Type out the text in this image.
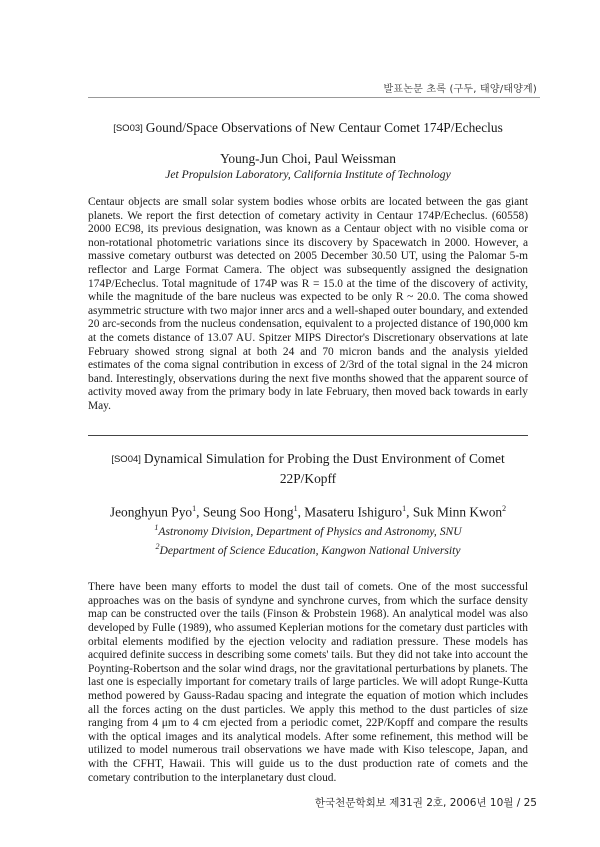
발표논문 초록 (구두, 태양/태양계)

[SO03] Gound/Space Observations of New Centaur Comet 174P/Echeclus

Young-Jun Choi, Paul Weissman
Jet Propulsion Laboratory, California Institute of Technology
Centaur objects are small solar system bodies whose orbits are located between the gas giant planets. We report the first detection of cometary activity in Centaur 174P/Echeclus. (60558) 2000 EC98, its previous designation, was known as a Centaur object with no visible coma or non-rotational photometric variations since its discovery by Spacewatch in 2000. However, a massive cometary outburst was detected on 2005 December 30.50 UT, using the Palomar 5-m reflector and Large Format Camera. The object was subsequently assigned the designation 174P/Echeclus. Total magnitude of 174P was R = 15.0 at the time of the discovery of activity, while the magnitude of the bare nucleus was expected to be only R ~ 20.0. The coma showed asymmetric structure with two major inner arcs and a well-shaped outer boundary, and extended 20 arc-seconds from the nucleus condensation, equivalent to a projected distance of 190,000 km at the comets distance of 13.07 AU. Spitzer MIPS Director's Discretionary observations at late February showed strong signal at both 24 and 70 micron bands and the analysis yielded estimates of the coma signal contribution in excess of 2/3rd of the total signal in the 24 micron band. Interestingly, observations during the next five months showed that the apparent source of activity moved away from the primary body in late February, then moved back towards in early May.

[SO04] Dynamical Simulation for Probing the Dust Environment of Comet 22P/Kopff

Jeonghyun Pyo$^1$, Seung Soo Hong$^1$, Masateru Ishiguro$^1$, Suk Minn Kwon$^2$
$^1$Astronomy Division, Department of Physics and Astronomy, SNU
$^2$Department of Science Education, Kangwon National University
There have been many efforts to model the dust tail of comets. One of the most successful approaches was on the basis of syndyne and synchrone curves, from which the surface density map can be constructed over the tails (Finson & Probstein 1968). An analytical model was also developed by Fulle (1989), who assumed Keplerian motions for the cometary dust particles with orbital elements modified by the ejection velocity and radiation pressure. These models has acquired definite success in describing some comets' tails. But they did not take into account the Poynting-Robertson and the solar wind drags, nor the gravitational perturbations by planets. The last one is especially important for cometary trails of large particles. We will adopt Runge-Kutta method powered by Gauss-Radau spacing and integrate the equation of motion which includes all the forces acting on the dust particles. We apply this method to the dust particles of size ranging from 4 μm to 4 cm ejected from a periodic comet, 22P/Kopff and compare the results with the optical images and its analytical models. After some refinement, this method will be utilized to model numerous trail observations we have made with Kiso telescope, Japan, and with the CFHT, Hawaii. This will guide us to the dust production rate of comets and the cometary contribution to the interplanetary dust cloud.
한국천문학회보 제31권 2호, 2006년 10월 / 25
